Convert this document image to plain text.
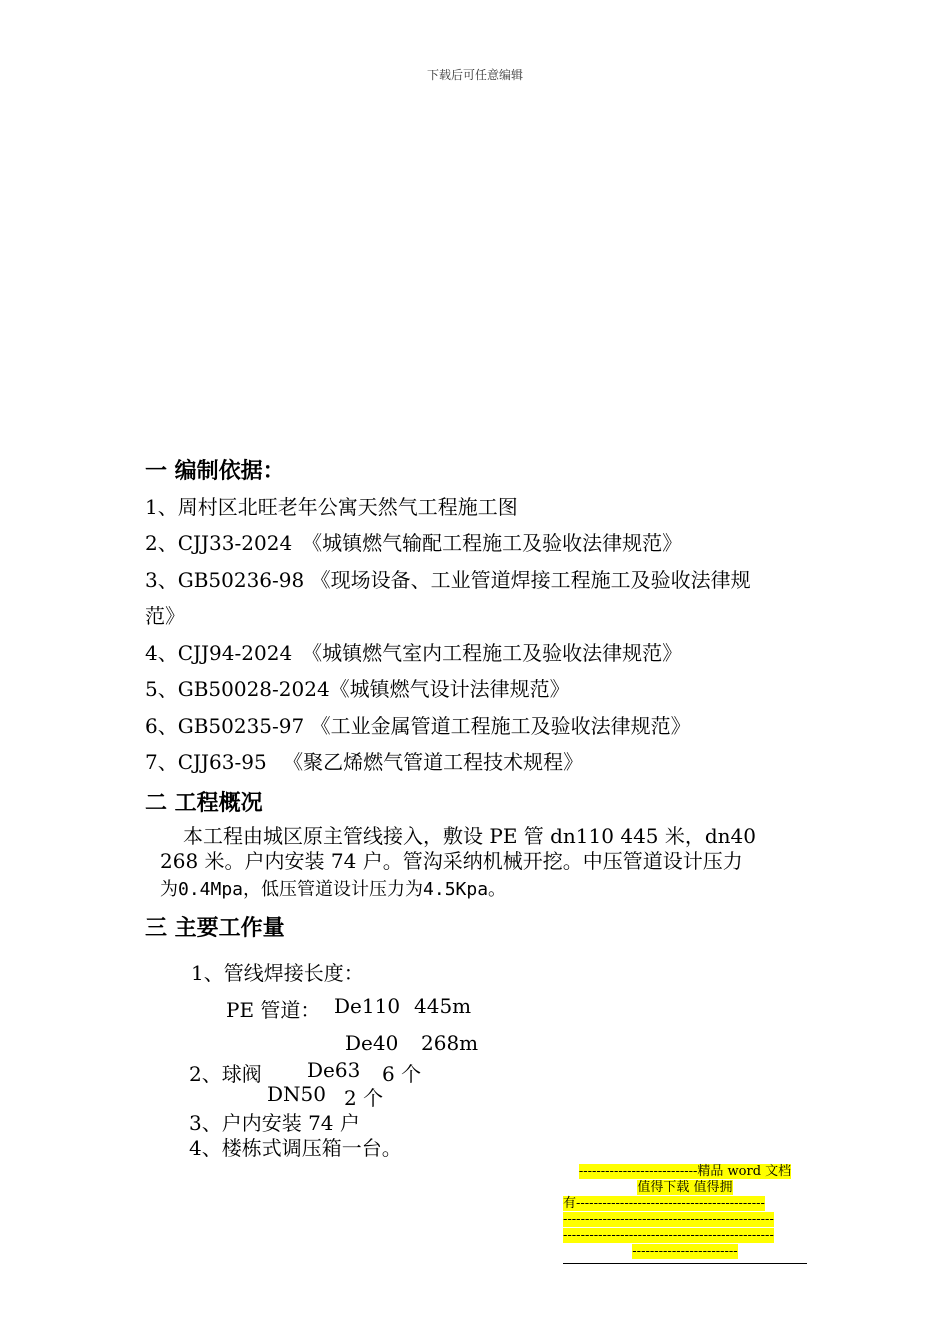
下载后可任意编辑
一 编制依据：
1、周村区北旺老年公寓天然气工程施工图
2、CJJ33-2024　《城镇燃气输配工程施工及验收法律规范》
3、GB50236-98 《现场设备、工业管道焊接工程施工及验收法律规
范》
4、CJJ94-2024　《城镇燃气室内工程施工及验收法律规范》
5、GB50028-2024《城镇燃气设计法律规范》
6、GB50235-97 《工业金属管道工程施工及验收法律规范》
7、CJJ63-95 　《聚乙烯燃气管道工程技术规程》
二 工程概况
本工程由城区原主管线接入，敷设 PE 管 dn110 445 米，dn40
268 米。户内安装 74 户。管沟采纳机械开挖。中压管道设计压力
为0.4Mpa，低压管道设计压力为4.5Kpa。
三 主要工作量
1、管线焊接长度：
PE 管道： De110 445m
De40 268m
2、球阀 De63 6 个
DN50 2 个
3、户内安装 74 户
4、楼栋式调压箱一台。
---------------------------精品 word 文档
值得下载 值得拥
有-------------------------------------------
------------------------------------------------
------------------------------------------------
------------------------
